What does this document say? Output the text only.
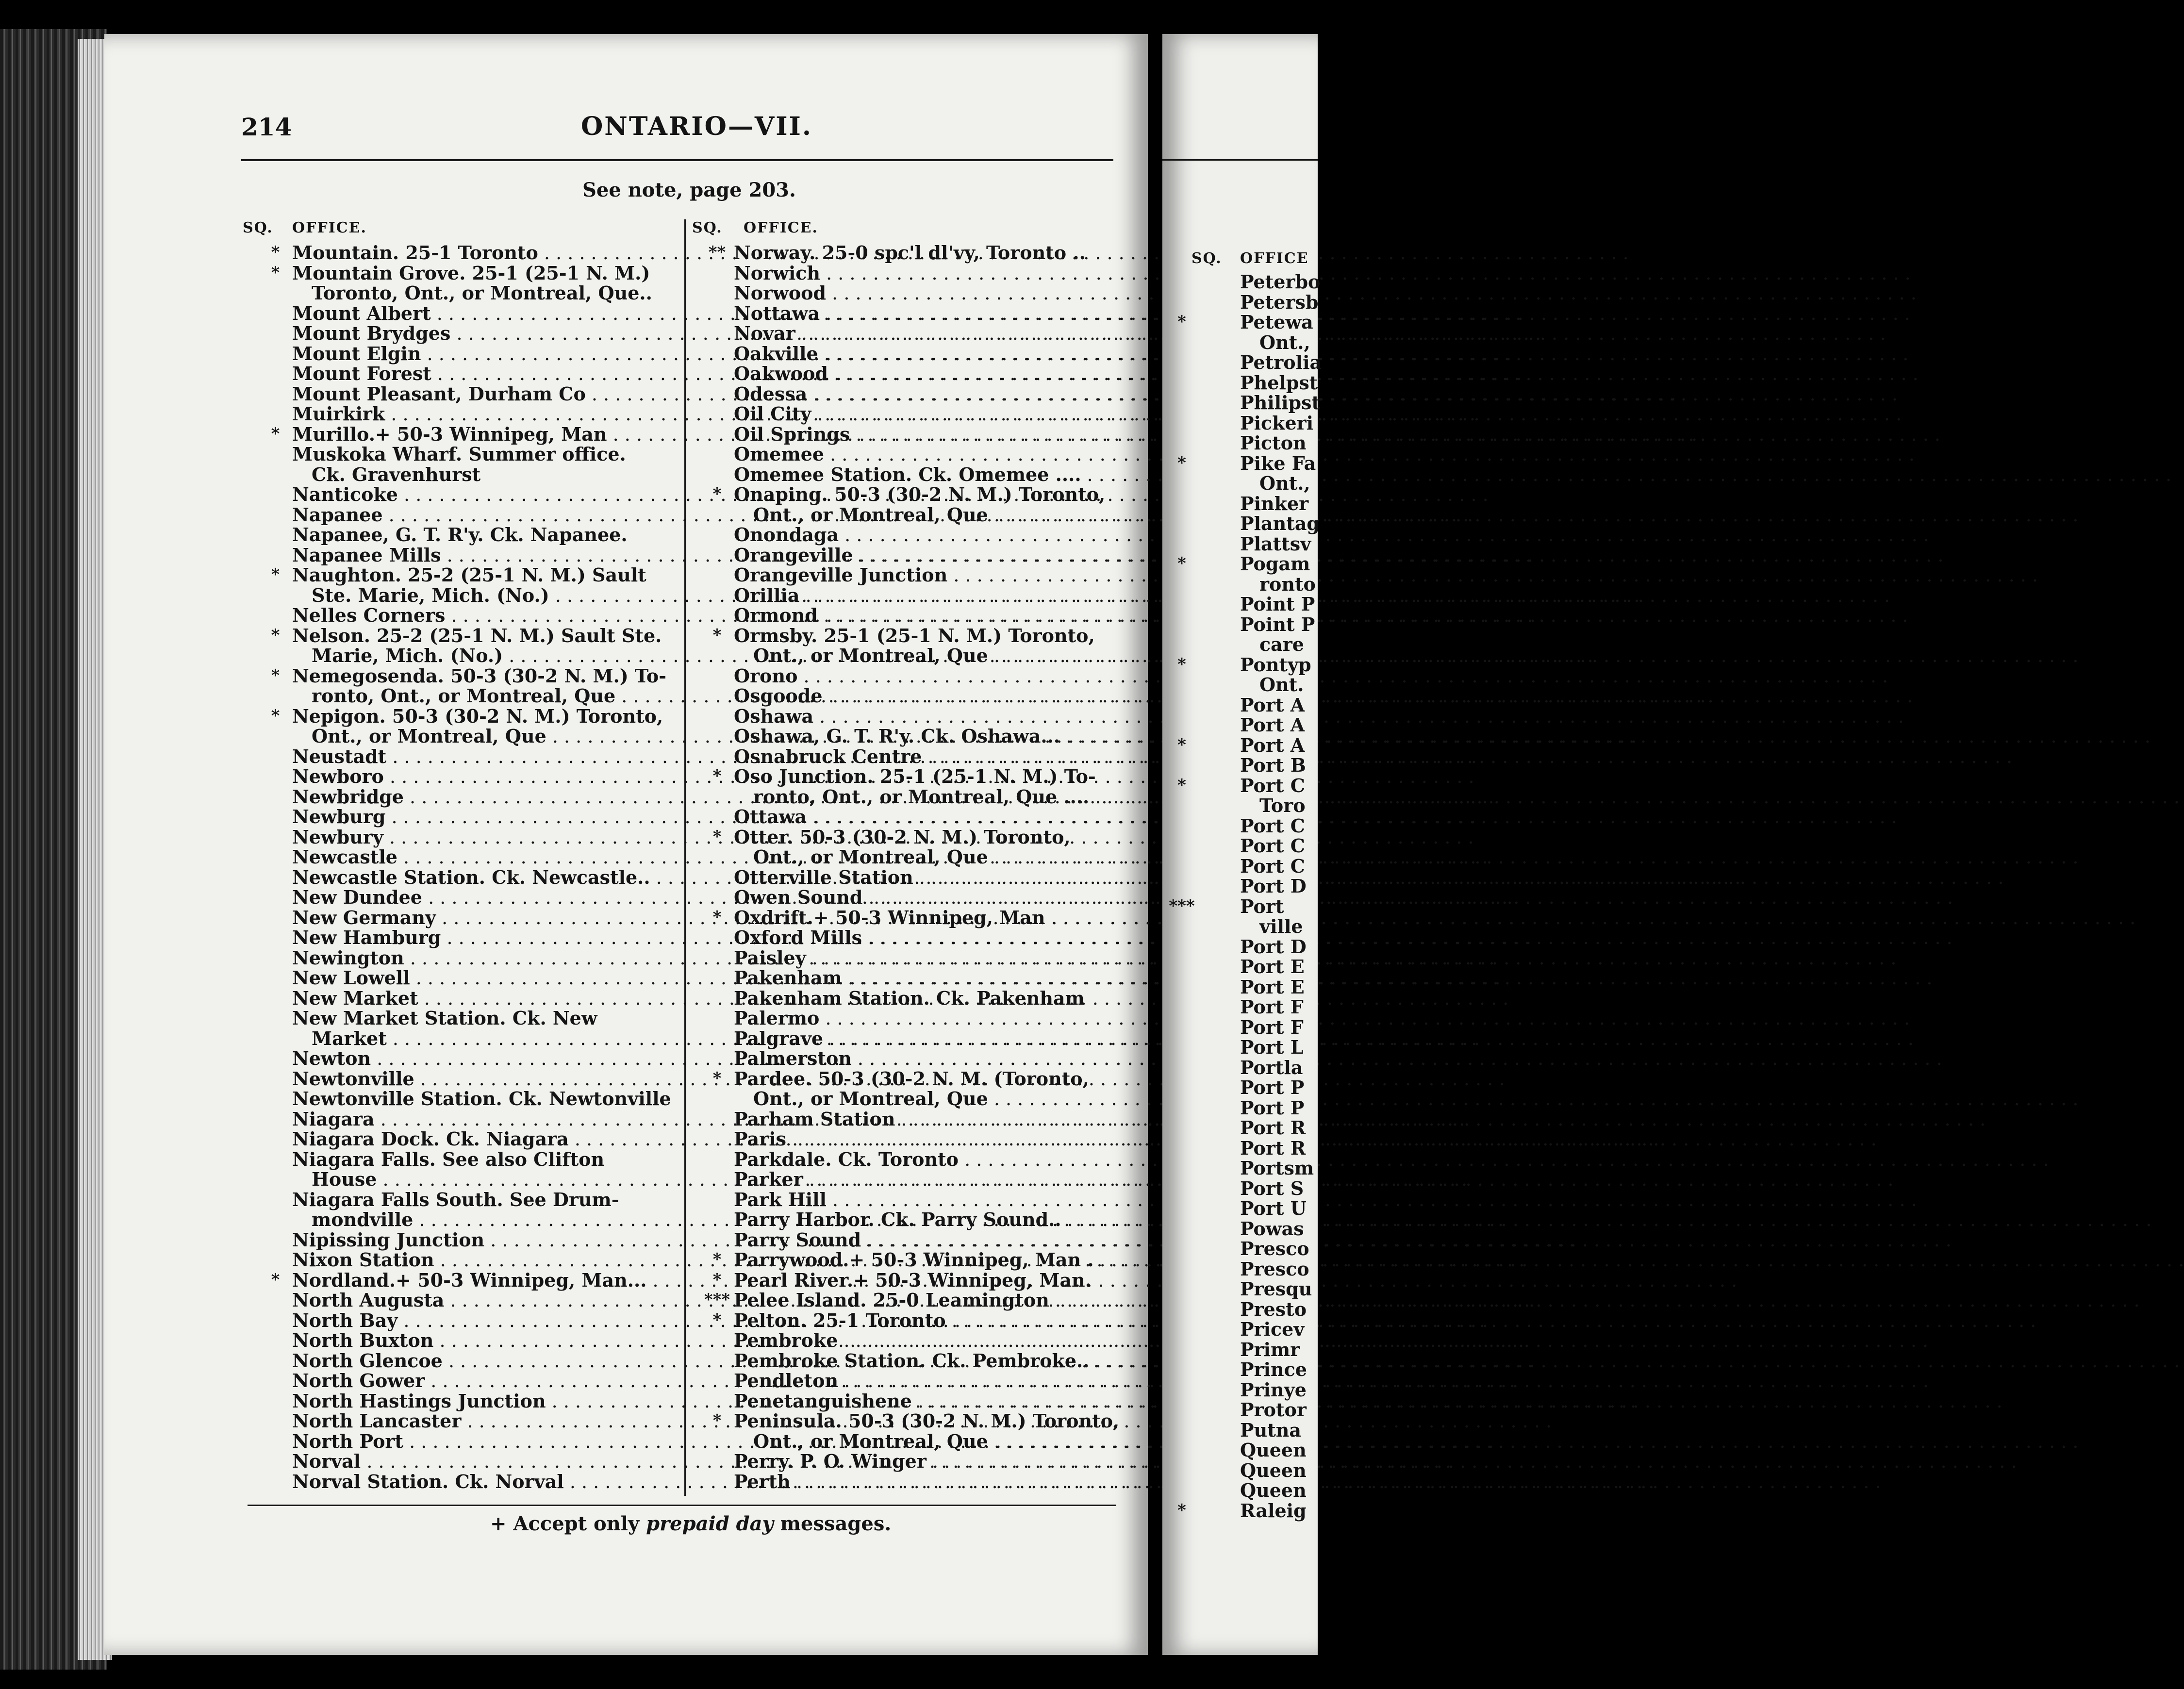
214	ONTARIO—VII.
See note, page 203.
SQ. OFFICE.	SQ. OFFICE.
* Mountain. 25-1 Toronto . . .
* Mountain Grove. 25-1 (25-1 N. M.)
Toronto, Ont., or Montreal, Que..
Mount Albert . . .
Mount Brydges . . .
Mount Elgin . . .
Mount Forest . . .
Mount Pleasant, Durham Co . . .
Muirkirk . . .
* Murillo.+ 50-3 Winnipeg, Man . . .
Muskoka Wharf. Summer office.
Ck. Gravenhurst
Nanticoke . . .
Napanee . . .
Napanee, G. T. R'y. Ck. Napanee.
Napanee Mills . . .
* Naughton. 25-2 (25-1 N. M.) Sault
Ste. Marie, Mich. (No.) . . .
Nelles Corners . . .
* Nelson. 25-2 (25-1 N. M.) Sault Ste.
Marie, Mich. (No.) . . .
* Nemegosenda. 50-3 (30-2 N. M.) To-
ronto, Ont., or Montreal, Que . . .
* Nepigon. 50-3 (30-2 N. M.) Toronto,
Ont., or Montreal, Que . . .
Neustadt . . .
Newboro . . .
Newbridge . . .
Newburg . . .
Newbury . . .
Newcastle . . .
Newcastle Station. Ck. Newcastle.. . . .
New Dundee . . .
New Germany . . .
New Hamburg . . .
Newington . . .
New Lowell . . .
New Market . . .
New Market Station. Ck. New
Market . . .
Newton . . .
Newtonville . . .
Newtonville Station. Ck. Newtonville
Niagara . . .
Niagara Dock. Ck. Niagara . . .
Niagara Falls. See also Clifton
House . . .
Niagara Falls South. See Drum-
mondville . . .
Nipissing Junction . . .
Nixon Station . . .
* Nordland.+ 50-3 Winnipeg, Man... . . .
North Augusta . . .
North Bay . . .
North Buxton . . .
North Glencoe . . .
North Gower . . .
North Hastings Junction . . .
North Lancaster . . .
North Port . . .
Norval . . .
Norval Station. Ck. Norval . . .
** Norway. 25-0 spc'l dl'vy, Toronto ..
Norwich . . .
Norwood . . .
Nottawa . . .
Novar . . .
Oakville . . .
Oakwood . . .
Odessa . . .
Oil City . . .
Oil Springs . . .
Omemee . . .
Omemee Station. Ck. Omemee .... . . .
* Onaping. 50-3 (30-2 N. M.) Toronto,
Ont., or Montreal, Que . . .
Onondaga . . .
Orangeville . . .
Orangeville Junction . . .
Orillia . . .
Ormond . . .
* Ormsby. 25-1 (25-1 N. M.) Toronto,
Ont., or Montreal, Que . . .
Orono . . .
Osgoode . . .
Oshawa . . .
Oshawa, G. T. R'y. Ck. Oshawa... . . .
Osnabruck Centre . . .
* Oso Junction. 25-1 (25-1 N. M.) To-
ronto, Ont., or Montreal, Que .... . . .
Ottawa . . .
* Otter. 50-3 (30-2 N. M.) Toronto,
Ont., or Montreal, Que . . .
Otterville Station . . .
Owen Sound . . .
* Oxdrift.+ 50-3 Winnipeg, Man . . .
Oxford Mills . . .
Paisley . . .
Pakenham . . .
Pakenham Station. Ck. Pakenham
Palermo . . .
Palgrave . . .
Palmerston . . .
* Pardee. 50-3 (30-2 N. M. (Toronto,
Ont., or Montreal, Que . . .
Parham Station . . .
Paris . . .
Parkdale. Ck. Toronto . . .
Parker . . .
Park Hill . . .
Parry Harbor. Ck. Parry Sound.. . . .
Parry Sound . . .
* Parrywood.+ 50-3 Winnipeg, Man . . . .
* Pearl River.+ 50-3 Winnipeg, Man.
*** Pelee Island. 25-0 Leamington . . .
* Pelton. 25-1 Toronto . . .
Pembroke . . .
Pembroke Station. Ck. Pembroke.. . . .
Pendleton . . .
Penetanguishene . . .
* Peninsula. 50-3 (30-2 N. M.) Toronto,
Ont., or Montreal, Que . . .
Perry. P. O. Winger . . .
Perth . . .
+ Accept only prepaid day messages.
SQ. OFFICE
Peterbo
Petersb
*	Petewa
Ont.,
Petrolia
Phelpst
Philipst
Pickeri
Picton
*	Pike Fa
Ont.,
Pinker
Plantag
Plattsv
*	Pogam
ronto
Point P
Point P
care
*	Pontyp
Ont.
Port A
Port A
*	Port A
Port B
*	Port C
Toro
Port C
Port C
Port C
Port D
***	Port
ville
Port D
Port E
Port E
Port F
Port F
Port L
Portla
Port P
Port P
Port R
Port R
Portsm
Port S
Port U
Powas
Presco
Presco
Presqu
Presto
Pricev
Primr
Prince
Prinye
Protor
Putna
Queen
Queen
Queen
*	Raleig
